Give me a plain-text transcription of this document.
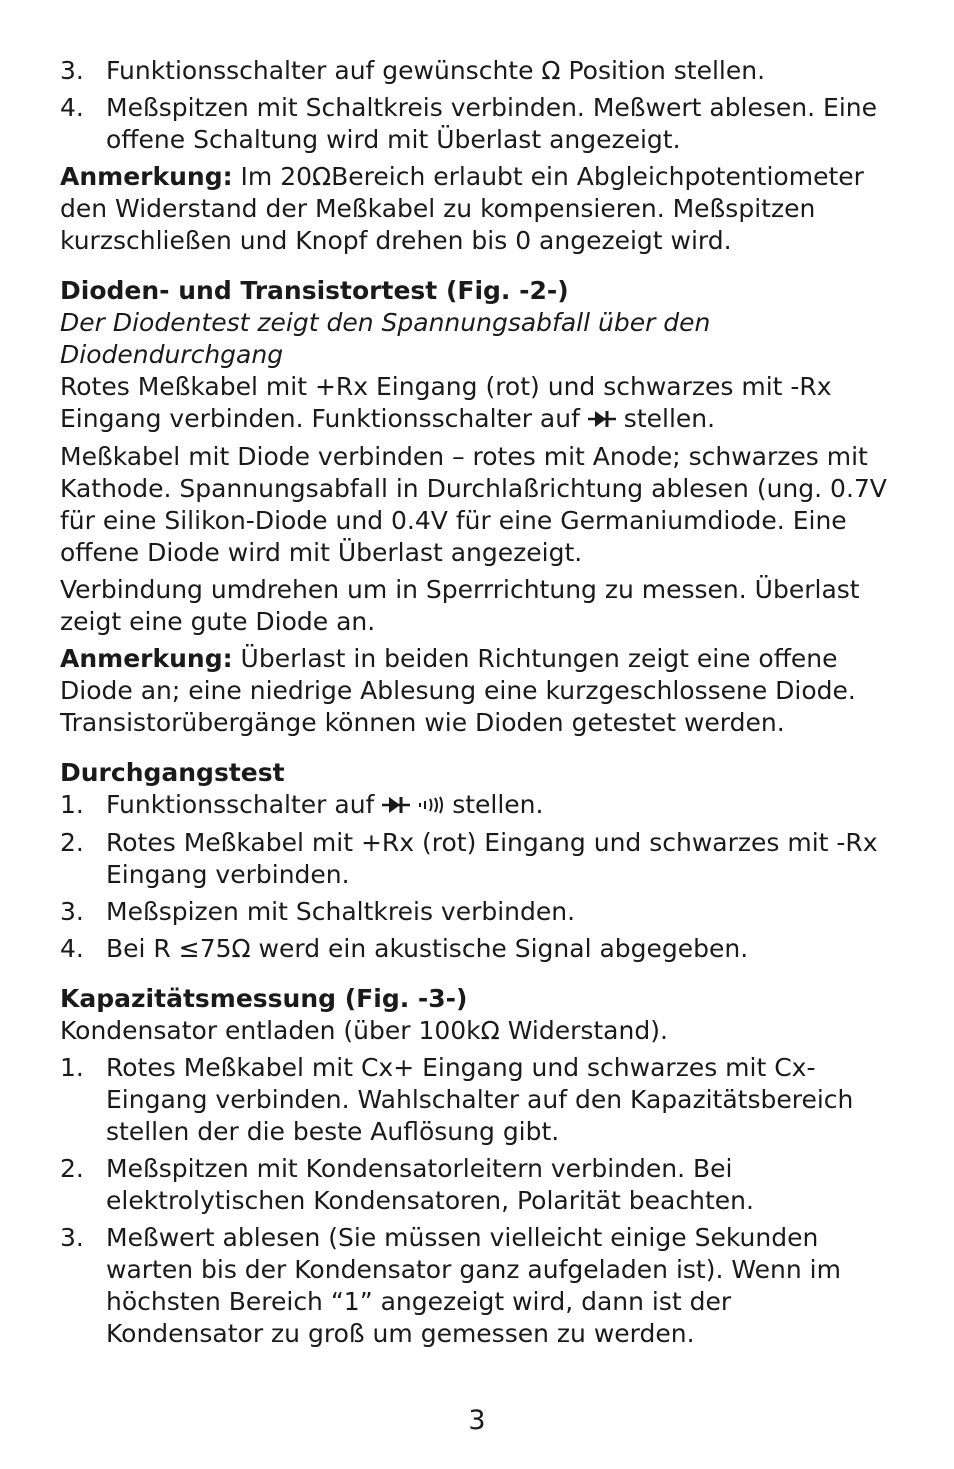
3. Funktionsschalter auf gewünschte Ω Position stellen.
4. Meßspitzen mit Schaltkreis verbinden. Meßwert ablesen. Eine offene Schaltung wird mit Überlast angezeigt.

Anmerkung: Im 20ΩBereich erlaubt ein Abgleichpotentiometer den Widerstand der Meßkabel zu kompensieren. Meßspitzen kurzschließen und Knopf drehen bis 0 angezeigt wird.

Dioden- und Transistortest (Fig. -2-)

Der Diodentest zeigt den Spannungsabfall über den Diodendurchgang

Rotes Meßkabel mit +Rx Eingang (rot) und schwarzes mit -Rx Eingang verbinden. Funktionsschalter auf  stellen.

Meßkabel mit Diode verbinden – rotes mit Anode; schwarzes mit Kathode. Spannungsabfall in Durchlaßrichtung ablesen (ung. 0.7V für eine Silikon-Diode und 0.4V für eine Germaniumdiode. Eine offene Diode wird mit Überlast angezeigt.

Verbindung umdrehen um in Sperrrichtung zu messen. Überlast zeigt eine gute Diode an.

Anmerkung: Überlast in beiden Richtungen zeigt eine offene Diode an; eine niedrige Ablesung eine kurzgeschlossene Diode. Transistorübergänge können wie Dioden getestet werden.

Durchgangstest
1. Funktionsschalter auf   stellen.
2. Rotes Meßkabel mit +Rx (rot) Eingang und schwarzes mit -Rx Eingang verbinden.
3. Meßspizen mit Schaltkreis verbinden.
4. Bei R ≤75Ω werd ein akustische Signal abgegeben.
Kapazitätsmessung (Fig. -3-)

Kondensator entladen (über 100kΩ Widerstand).

1. Rotes Meßkabel mit Cx+ Eingang und schwarzes mit Cx- Eingang verbinden. Wahlschalter auf den Kapazitätsbereich stellen der die beste Auflösung gibt.
2. Meßspitzen mit Kondensatorleitern verbinden. Bei elektrolytischen Kondensatoren, Polarität beachten.
3. Meßwert ablesen (Sie müssen vielleicht einige Sekunden warten bis der Kondensator ganz aufgeladen ist). Wenn im höchsten Bereich “1” angezeigt wird, dann ist der Kondensator zu groß um gemessen zu werden.
3
